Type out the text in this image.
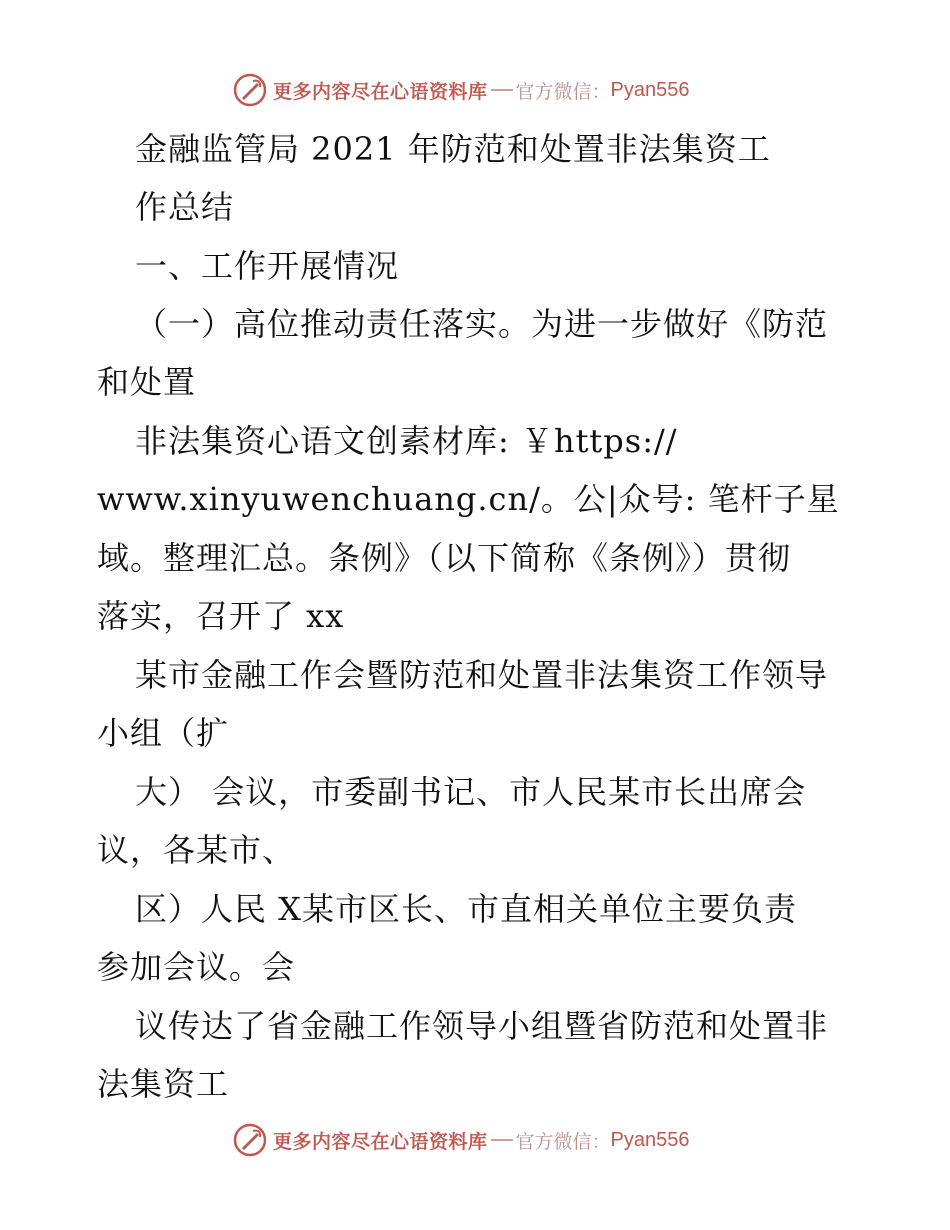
更多内容尽在心语资料库 官方微信： Pyan556
金融监管局 2021 年防范和处置非法集资工
作总结
一、工作开展情况
（一）高位推动责任落实。为进一步做好《防范
和处置
非法集资心语文创素材库: ￥https://
www.xinyuwenchuang.cn/。公|众号: 笔杆子星
域。整理汇总。条例》（以下简称《条例》）贯彻
落实，召开了 xx
某市金融工作会暨防范和处置非法集资工作领导
小组（扩
大） 会议，市委副书记、市人民某市长出席会
议，各某市、
区）人民 X某市区长、市直相关单位主要负责
参加会议。会
议传达了省金融工作领导小组暨省防范和处置非
法集资工
更多内容尽在心语资料库 官方微信： Pyan556
